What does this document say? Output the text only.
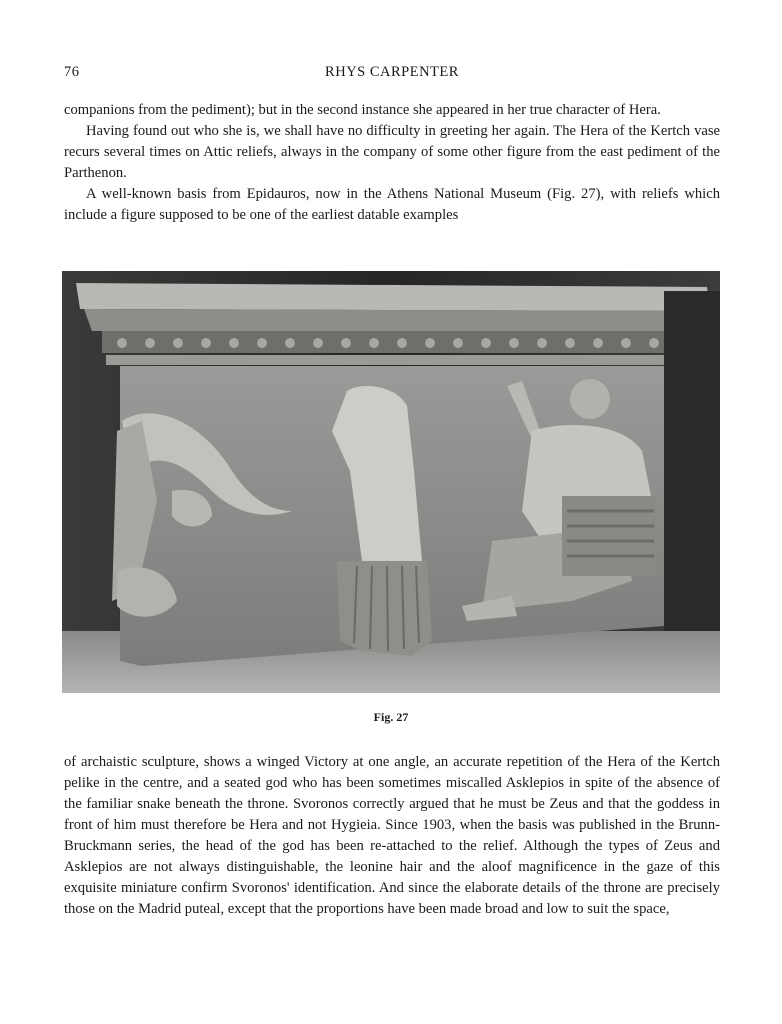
76	RHYS CARPENTER

companions from the pediment); but in the second instance she appeared in her true character of Hera.

Having found out who she is, we shall have no difficulty in greeting her again. The Hera of the Kertch vase recurs several times on Attic reliefs, always in the company of some other figure from the east pediment of the Parthenon.

A well-known basis from Epidauros, now in the Athens National Museum (Fig. 27), with reliefs which include a figure supposed to be one of the earliest datable examples

Fig. 27

of archaistic sculpture, shows a winged Victory at one angle, an accurate repetition of the Hera of the Kertch pelike in the centre, and a seated god who has been sometimes miscalled Asklepios in spite of the absence of the familiar snake beneath the throne. Svoronos correctly argued that he must be Zeus and that the goddess in front of him must therefore be Hera and not Hygieia. Since 1903, when the basis was published in the Brunn-Bruckmann series, the head of the god has been re-attached to the relief. Although the types of Zeus and Asklepios are not always distinguishable, the leonine hair and the aloof magnificence in the gaze of this exquisite miniature confirm Svoronos' identification. And since the elaborate details of the throne are precisely those on the Madrid puteal, except that the proportions have been made broad and low to suit the space,
